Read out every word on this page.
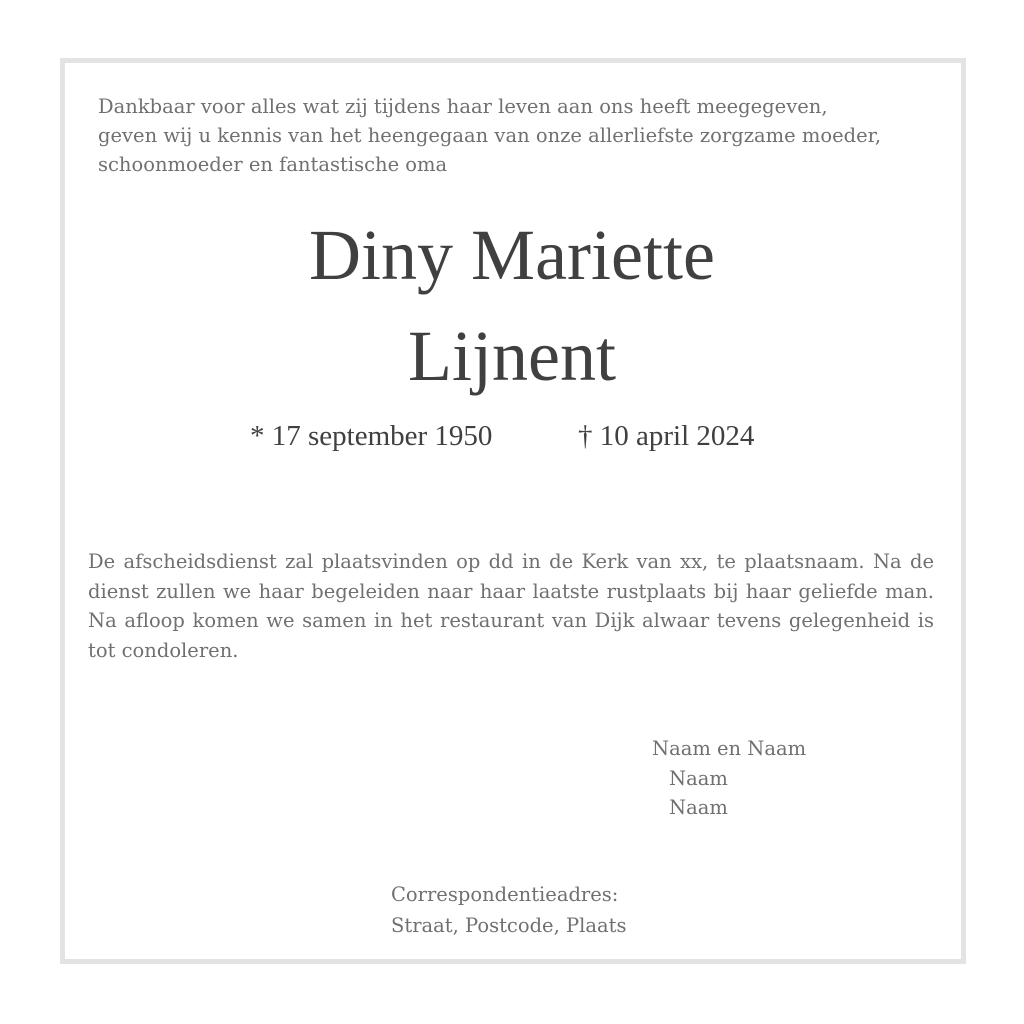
Dankbaar voor alles wat zij tijdens haar leven aan ons heeft meegegeven,
geven wij u kennis van het heengegaan van onze allerliefste zorgzame moeder,
schoonmoeder en fantastische oma
Diny Mariette
Lijnent
* 17 september 1950	† 10 april 2024
De afscheidsdienst zal plaatsvinden op dd in de Kerk van xx, te plaatsnaam. Na de dienst zullen we haar begeleiden naar haar laatste rustplaats bij haar geliefde man. Na afloop komen we samen in het restaurant van Dijk alwaar tevens gelegenheid is tot condoleren.
Naam en Naam
Naam
Naam
Correspondentieadres:
Straat, Postcode, Plaats
